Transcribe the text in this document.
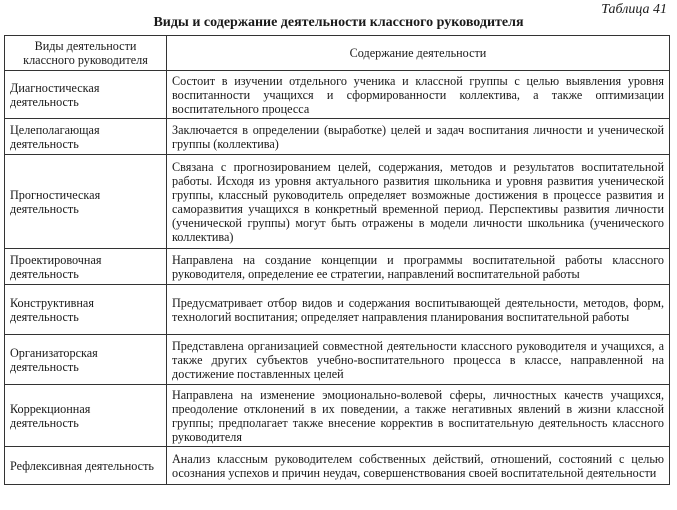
Таблица 41
Виды и содержание деятельности классного руководителя
Виды деятельности классного руководителя	Содержание деятельности
Диагностическая деятельность	Состоит в изучении отдельного ученика и классной группы с целью выявления уровня воспитанности учащихся и сформированности коллектива, а также оптимизации воспитательного процесса
Целеполагающая деятельность	Заключается в определении (выработке) целей и задач воспитания личности и ученической группы (коллектива)
Прогностическая деятельность	Связана с прогнозированием целей, содержания, методов и результатов воспитательной работы. Исходя из уровня актуального развития школьника и уровня развития ученической группы, классный руководитель определяет возможные достижения в процессе развития и саморазвития учащихся в конкретный временной период. Перспективы развития личности (ученической группы) могут быть отражены в модели личности школьника (ученического коллектива)
Проектировочная деятельность	Направлена на создание концепции и программы воспитательной работы классного руководителя, определение ее стратегии, направлений воспитательной работы
Конструктивная деятельность	Предусматривает отбор видов и содержания воспитывающей деятельности, методов, форм, технологий воспитания; определяет направления планирования воспитательной работы
Организаторская деятельность	Представлена организацией совместной деятельности классного руководителя и учащихся, а также других субъектов учебно-воспитательного процесса в классе, направленной на достижение поставленных целей
Коррекционная деятельность	Направлена на изменение эмоционально-волевой сферы, личностных качеств учащихся, преодоление отклонений в их поведении, а также негативных явлений в жизни классной группы; предполагает также внесение корректив в воспитательную деятельность классного руководителя
Рефлексивная деятельность	Анализ классным руководителем собственных действий, отношений, состояний с целью осознания успехов и причин неудач, совершенствования своей воспитательной деятельности
